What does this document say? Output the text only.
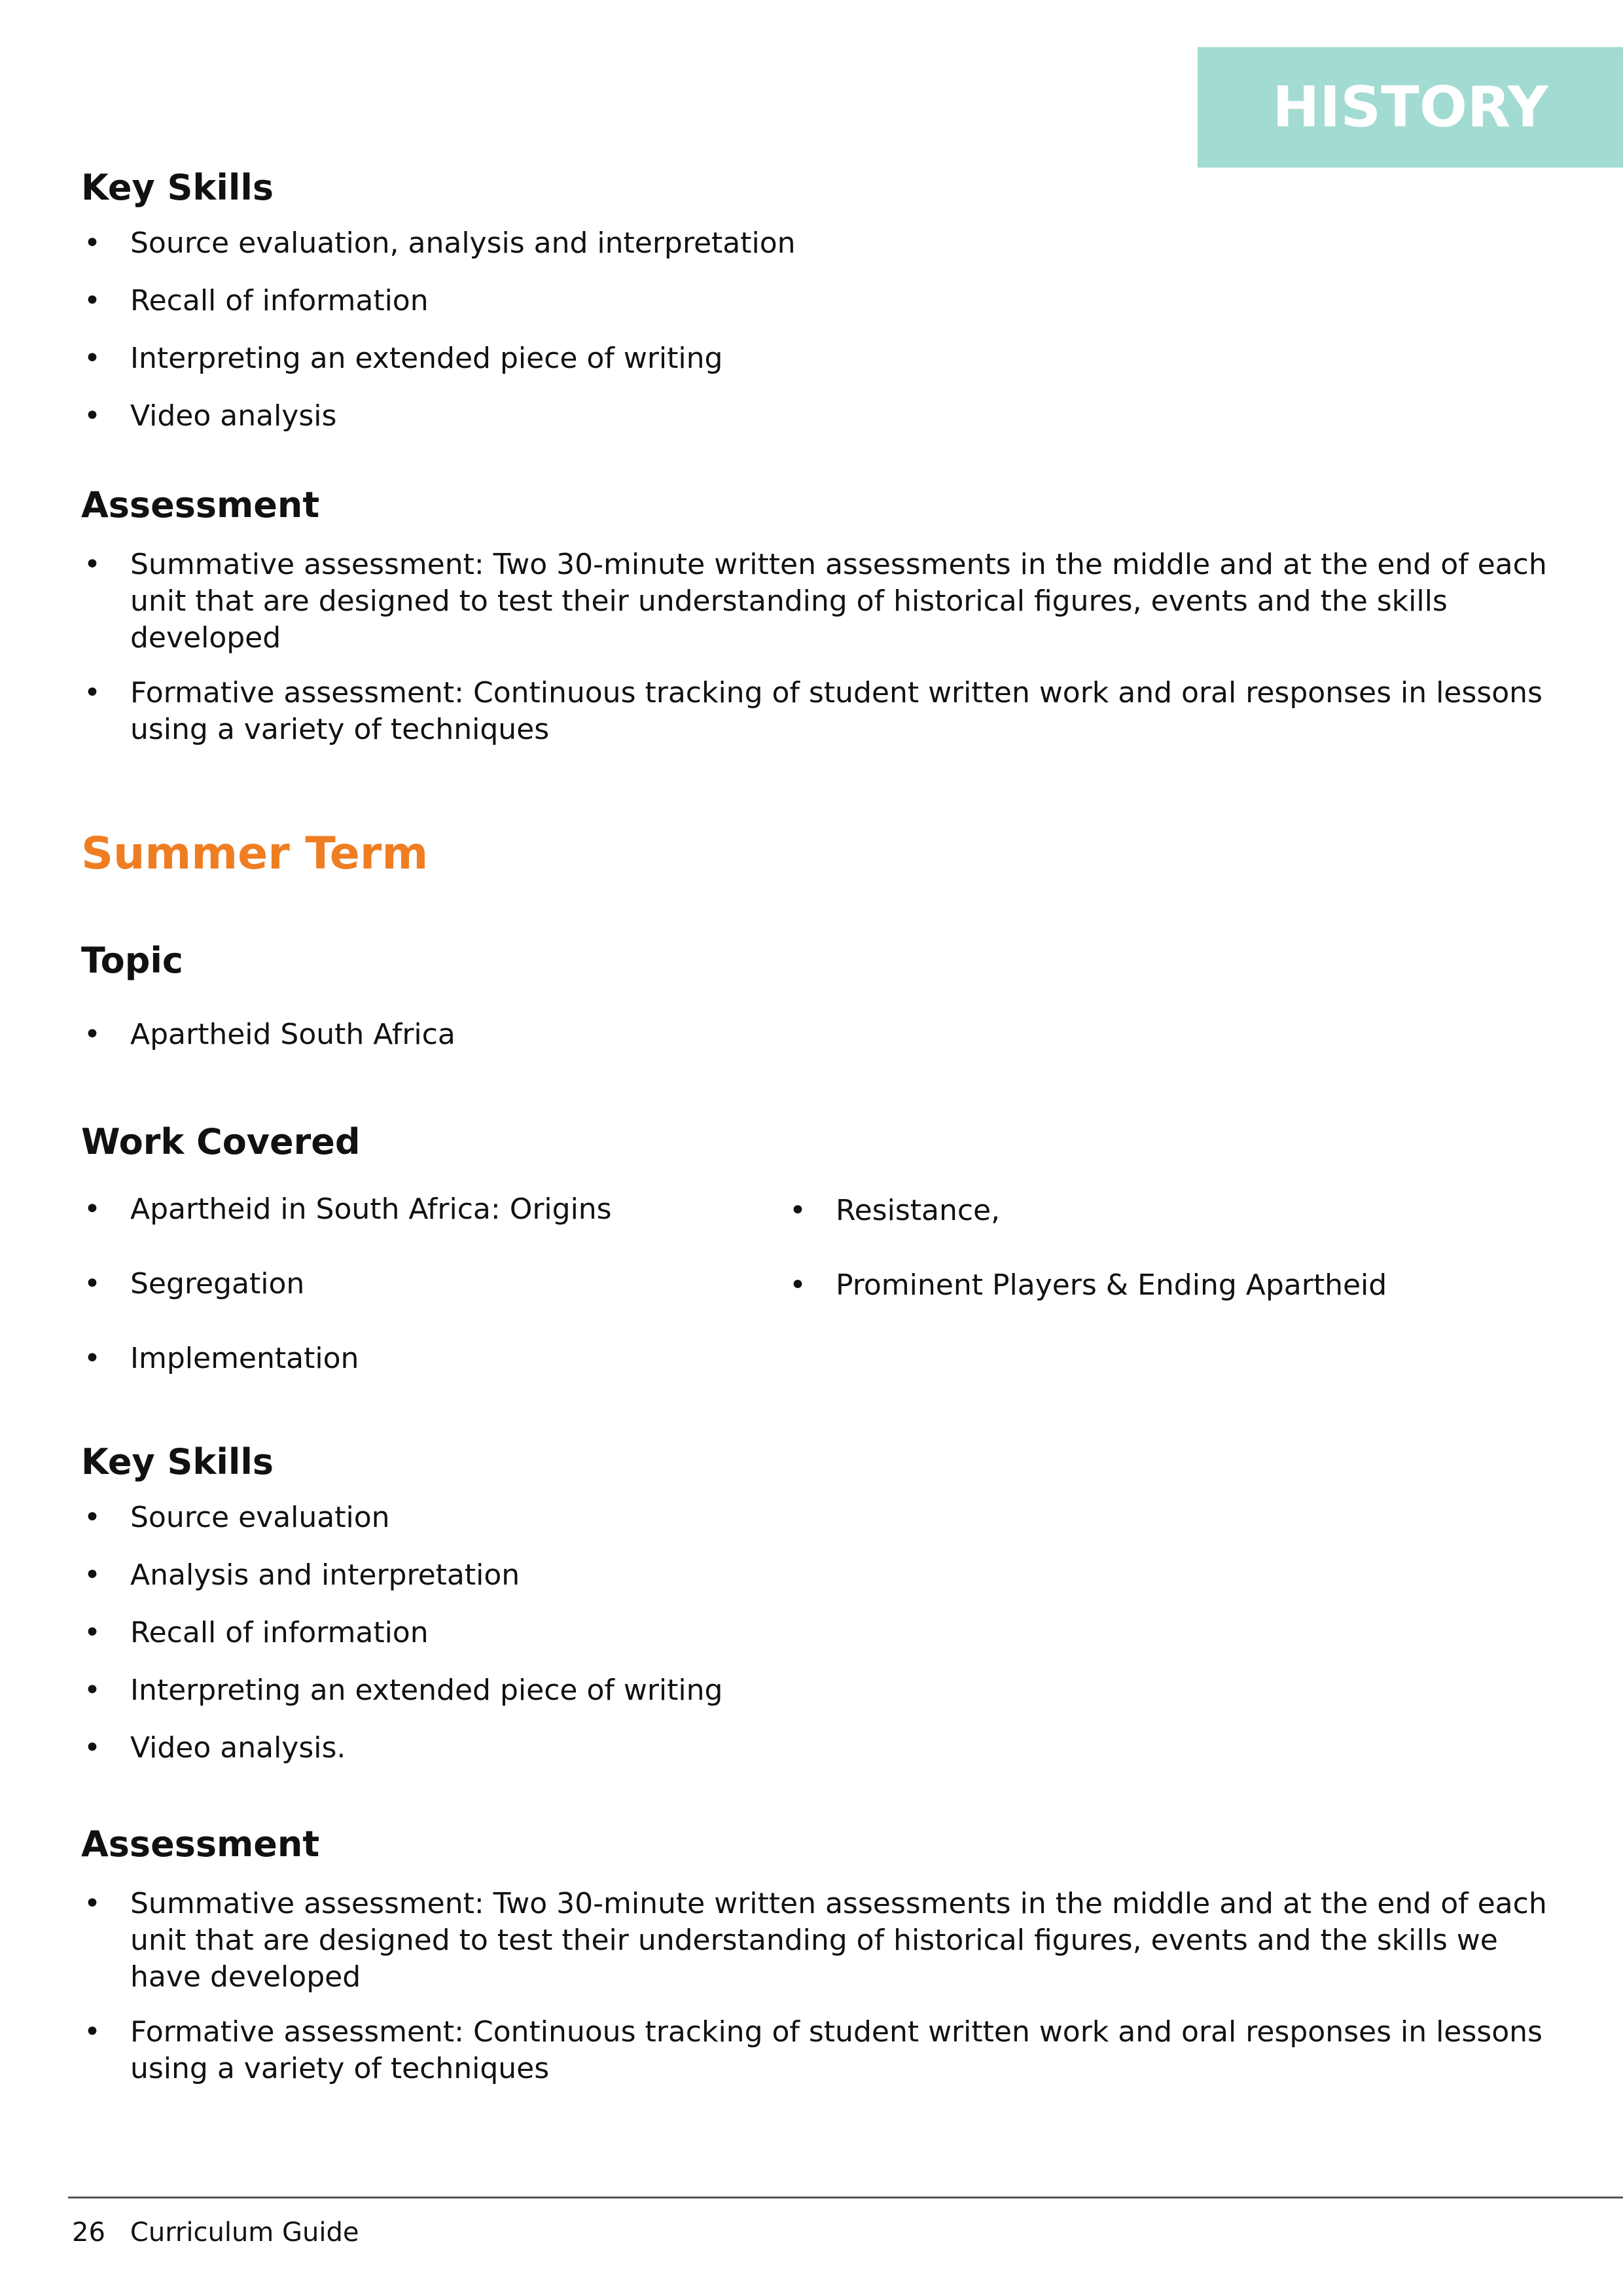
HISTORY
Key Skills
• Source evaluation, analysis and interpretation
• Recall of information
• Interpreting an extended piece of writing
• Video analysis
Assessment
• Summative assessment: Two 30-minute written assessments in the middle and at the end of each unit that are designed to test their understanding of historical figures, events and the skills developed
• Formative assessment: Continuous tracking of student written work and oral responses in lessons using a variety of techniques
Summer Term
Topic
• Apartheid South Africa
Work Covered
• Apartheid in South Africa: Origins
• Segregation
• Implementation
• Resistance,
• Prominent Players & Ending Apartheid
Key Skills
• Source evaluation
• Analysis and interpretation
• Recall of information
• Interpreting an extended piece of writing
• Video analysis.
Assessment
• Summative assessment: Two 30-minute written assessments in the middle and at the end of each unit that are designed to test their understanding of historical figures, events and the skills we have developed
• Formative assessment: Continuous tracking of student written work and oral responses in lessons using a variety of techniques
26 Curriculum Guide
